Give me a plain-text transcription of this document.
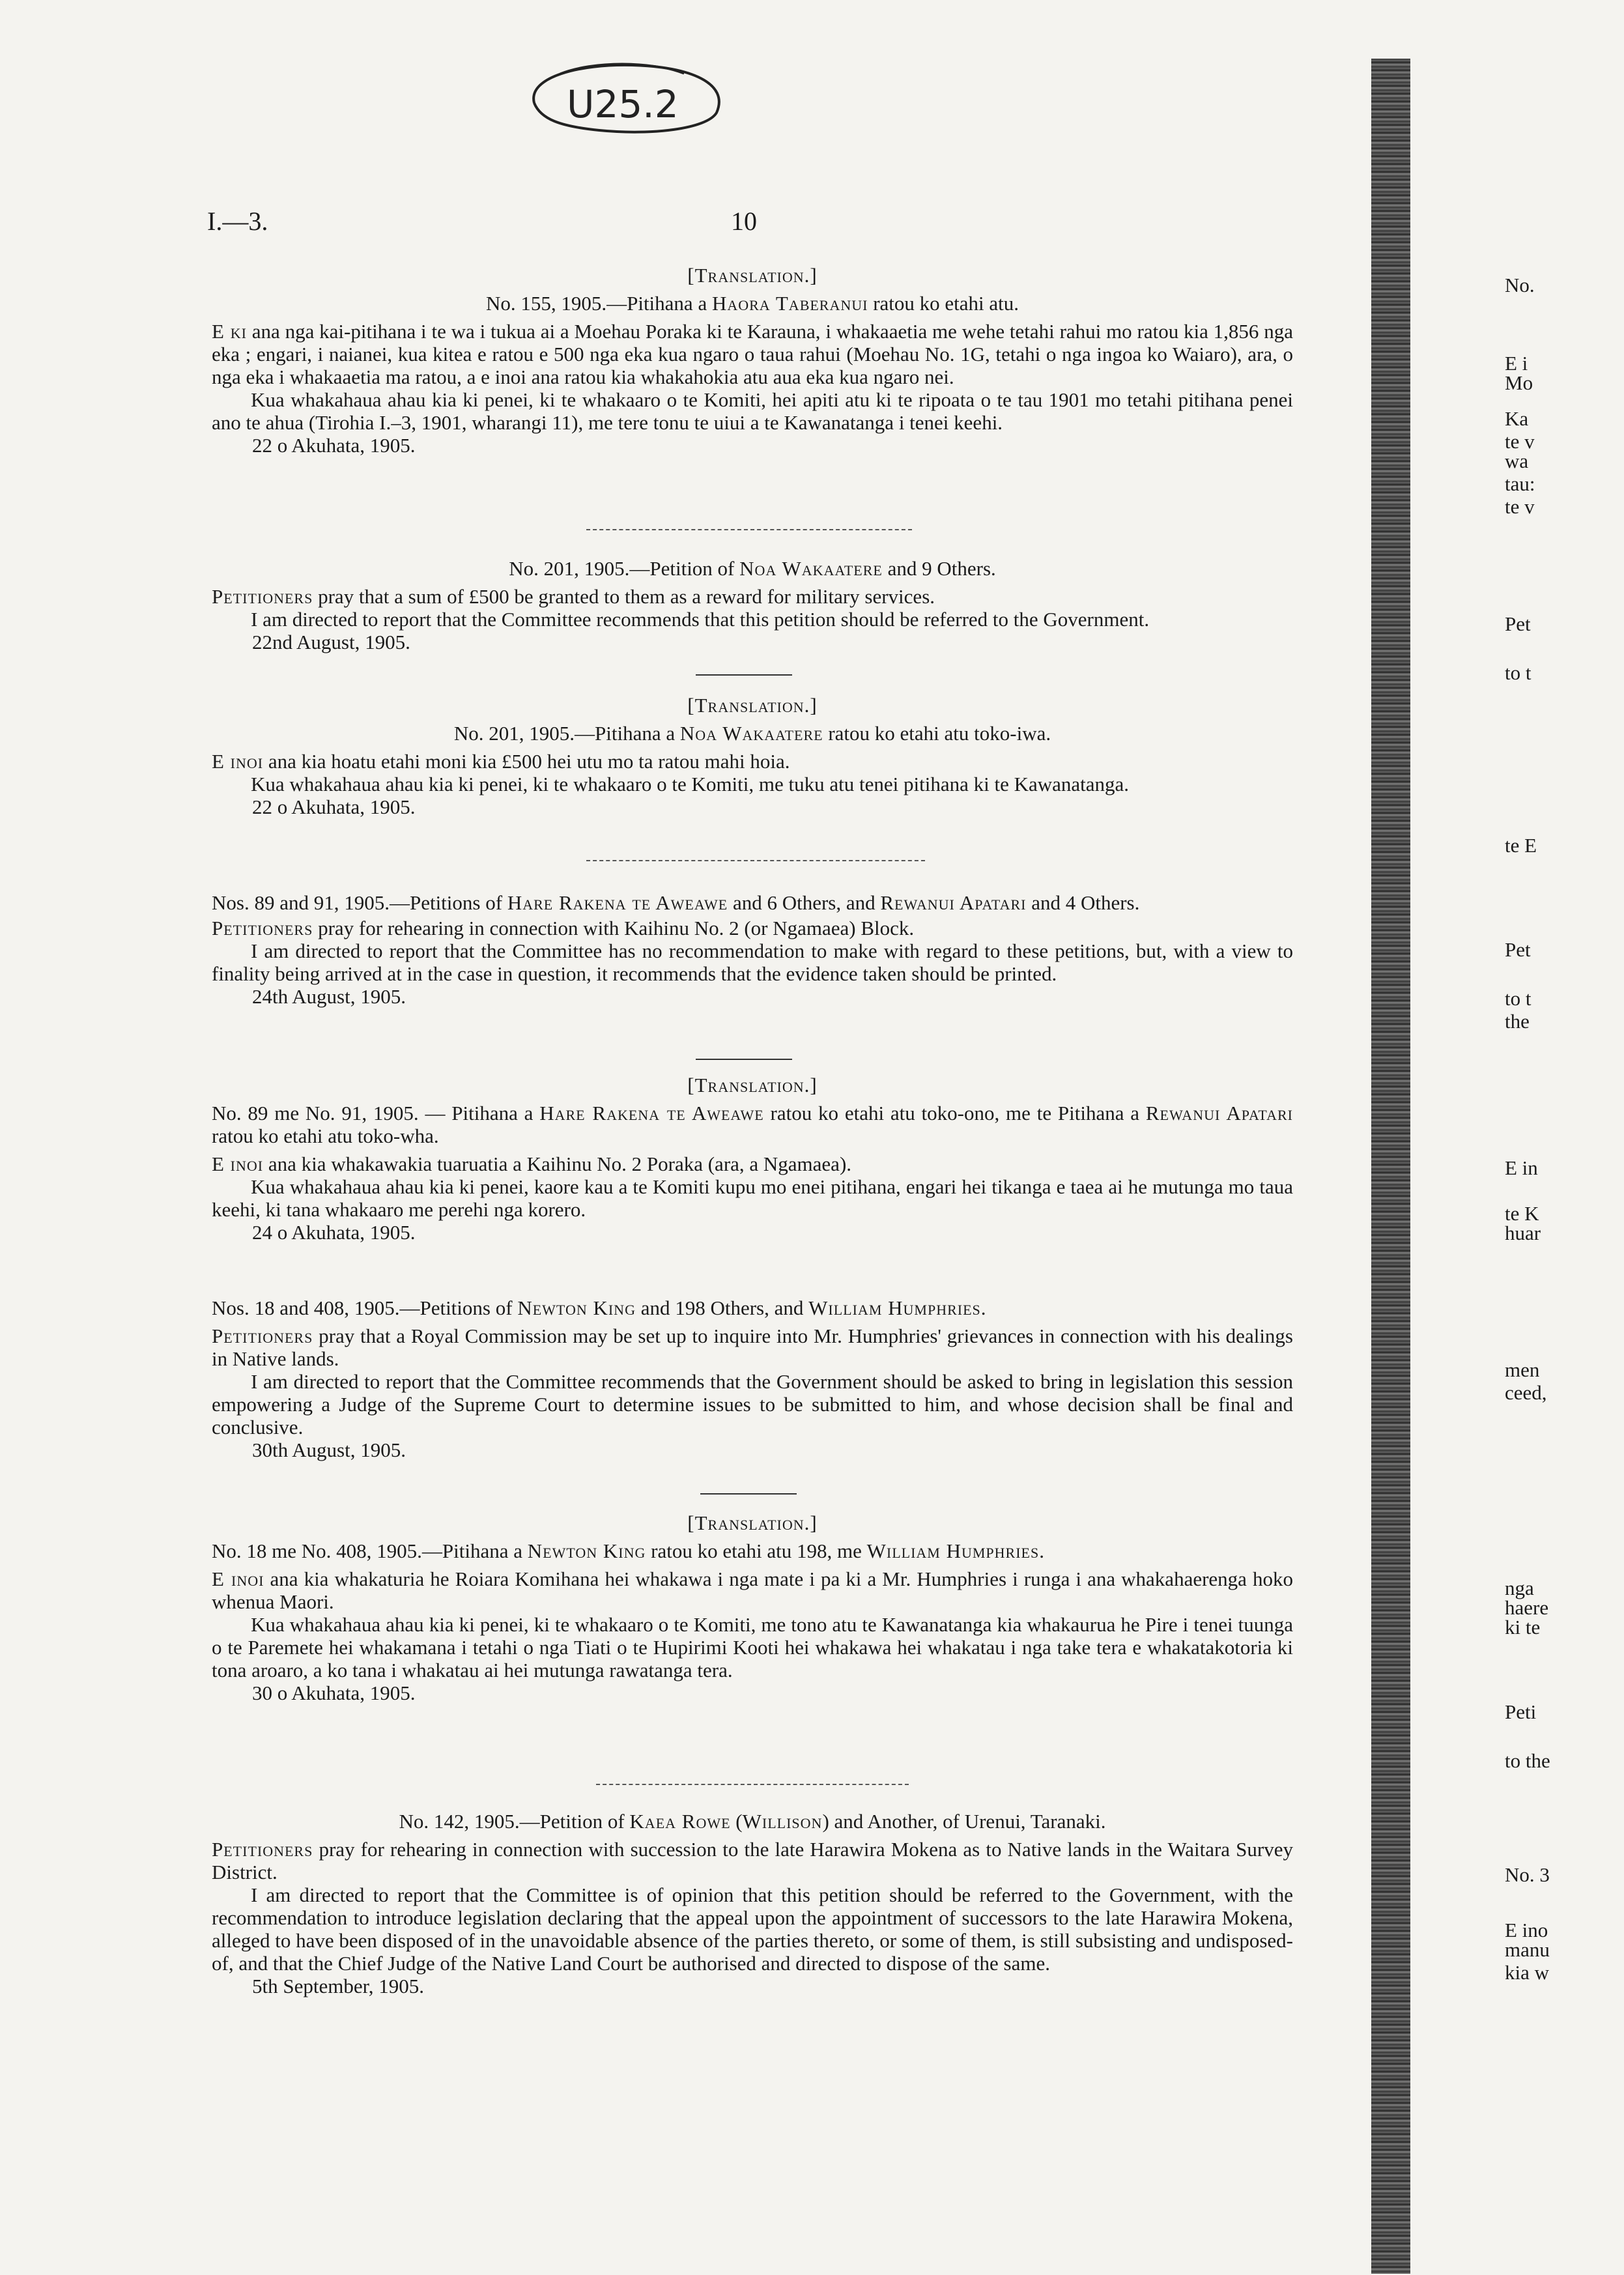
U25.2
I.—3.	10
[Translation.]
No. 155, 1905.—Pitihana a Haora Taberanui ratou ko etahi atu.

E ki ana nga kai-pitihana i te wa i tukua ai a Moehau Poraka ki te Karauna, i whakaaetia me wehe tetahi rahui mo ratou kia 1,856 nga eka ; engari, i naianei, kua kitea e ratou e 500 nga eka kua ngaro o taua rahui (Moehau No. 1G, tetahi o nga ingoa ko Waiaro), ara, o nga eka i whakaaetia ma ratou, a e inoi ana ratou kia whakahokia atu aua eka kua ngaro nei.

Kua whakahaua ahau kia ki penei, ki te whakaaro o te Komiti, hei apiti atu ki te ripoata o te tau 1901 mo tetahi pitihana penei ano te ahua (Tirohia I.–3, 1901, wharangi 11), me tere tonu te uiui a te Kawanatanga i tenei keehi.

22 o Akuhata, 1905.
No. 201, 1905.—Petition of Noa Wakaatere and 9 Others.

Petitioners pray that a sum of £500 be granted to them as a reward for military services.

I am directed to report that the Committee recommends that this petition should be referred to the Government.

22nd August, 1905.
[Translation.]
No. 201, 1905.—Pitihana a Noa Wakaatere ratou ko etahi atu toko-iwa.

E inoi ana kia hoatu etahi moni kia £500 hei utu mo ta ratou mahi hoia.

Kua whakahaua ahau kia ki penei, ki te whakaaro o te Komiti, me tuku atu tenei pitihana ki te Kawanatanga.

22 o Akuhata, 1905.
Nos. 89 and 91, 1905.—Petitions of Hare Rakena te Aweawe and 6 Others, and Rewanui Apatari and 4 Others.

Petitioners pray for rehearing in connection with Kaihinu No. 2 (or Ngamaea) Block.

I am directed to report that the Committee has no recommendation to make with regard to these petitions, but, with a view to finality being arrived at in the case in question, it recommends that the evidence taken should be printed.

24th August, 1905.
[Translation.]
No. 89 me No. 91, 1905. — Pitihana a Hare Rakena te Aweawe ratou ko etahi atu toko-ono, me te Pitihana a Rewanui Apatari ratou ko etahi atu toko-wha.

E inoi ana kia whakawakia tuaruatia a Kaihinu No. 2 Poraka (ara, a Ngamaea).

Kua whakahaua ahau kia ki penei, kaore kau a te Komiti kupu mo enei pitihana, engari hei tikanga e taea ai he mutunga mo taua keehi, ki tana whakaaro me perehi nga korero.

24 o Akuhata, 1905.
Nos. 18 and 408, 1905.—Petitions of Newton King and 198 Others, and William Humphries.

Petitioners pray that a Royal Commission may be set up to inquire into Mr. Humphries' grievances in connection with his dealings in Native lands.

I am directed to report that the Committee recommends that the Government should be asked to bring in legislation this session empowering a Judge of the Supreme Court to determine issues to be submitted to him, and whose decision shall be final and conclusive.

30th August, 1905.
[Translation.]
No. 18 me No. 408, 1905.—Pitihana a Newton King ratou ko etahi atu 198, me William Humphries.

E inoi ana kia whakaturia he Roiara Komihana hei whakawa i nga mate i pa ki a Mr. Humphries i runga i ana whakahaerenga hoko whenua Maori.

Kua whakahaua ahau kia ki penei, ki te whakaaro o te Komiti, me tono atu te Kawanatanga kia whakaurua he Pire i tenei tuunga o te Paremete hei whakamana i tetahi o nga Tiati o te Hupirimi Kooti hei whakawa hei whakatau i nga take tera e whakatakotoria ki tona aroaro, a ko tana i whakatau ai hei mutunga rawatanga tera.

30 o Akuhata, 1905.
No. 142, 1905.—Petition of Kaea Rowe (Willison) and Another, of Urenui, Taranaki.

Petitioners pray for rehearing in connection with succession to the late Harawira Mokena as to Native lands in the Waitara Survey District.

I am directed to report that the Committee is of opinion that this petition should be referred to the Government, with the recommendation to introduce legislation declaring that the appeal upon the appointment of successors to the late Harawira Mokena, alleged to have been disposed of in the unavoidable absence of the parties thereto, or some of them, is still subsisting and undisposed-of, and that the Chief Judge of the Native Land Court be authorised and directed to dispose of the same.

5th September, 1905.
No.
E i
Mo
Ka
te v
wa
tau:
te v
Pet
to t
te E
Pet
to t
the
E in
te K
huar
men
ceed,
nga
haere
ki te
Peti
to the
No. 3
E ino
manu
kia w
